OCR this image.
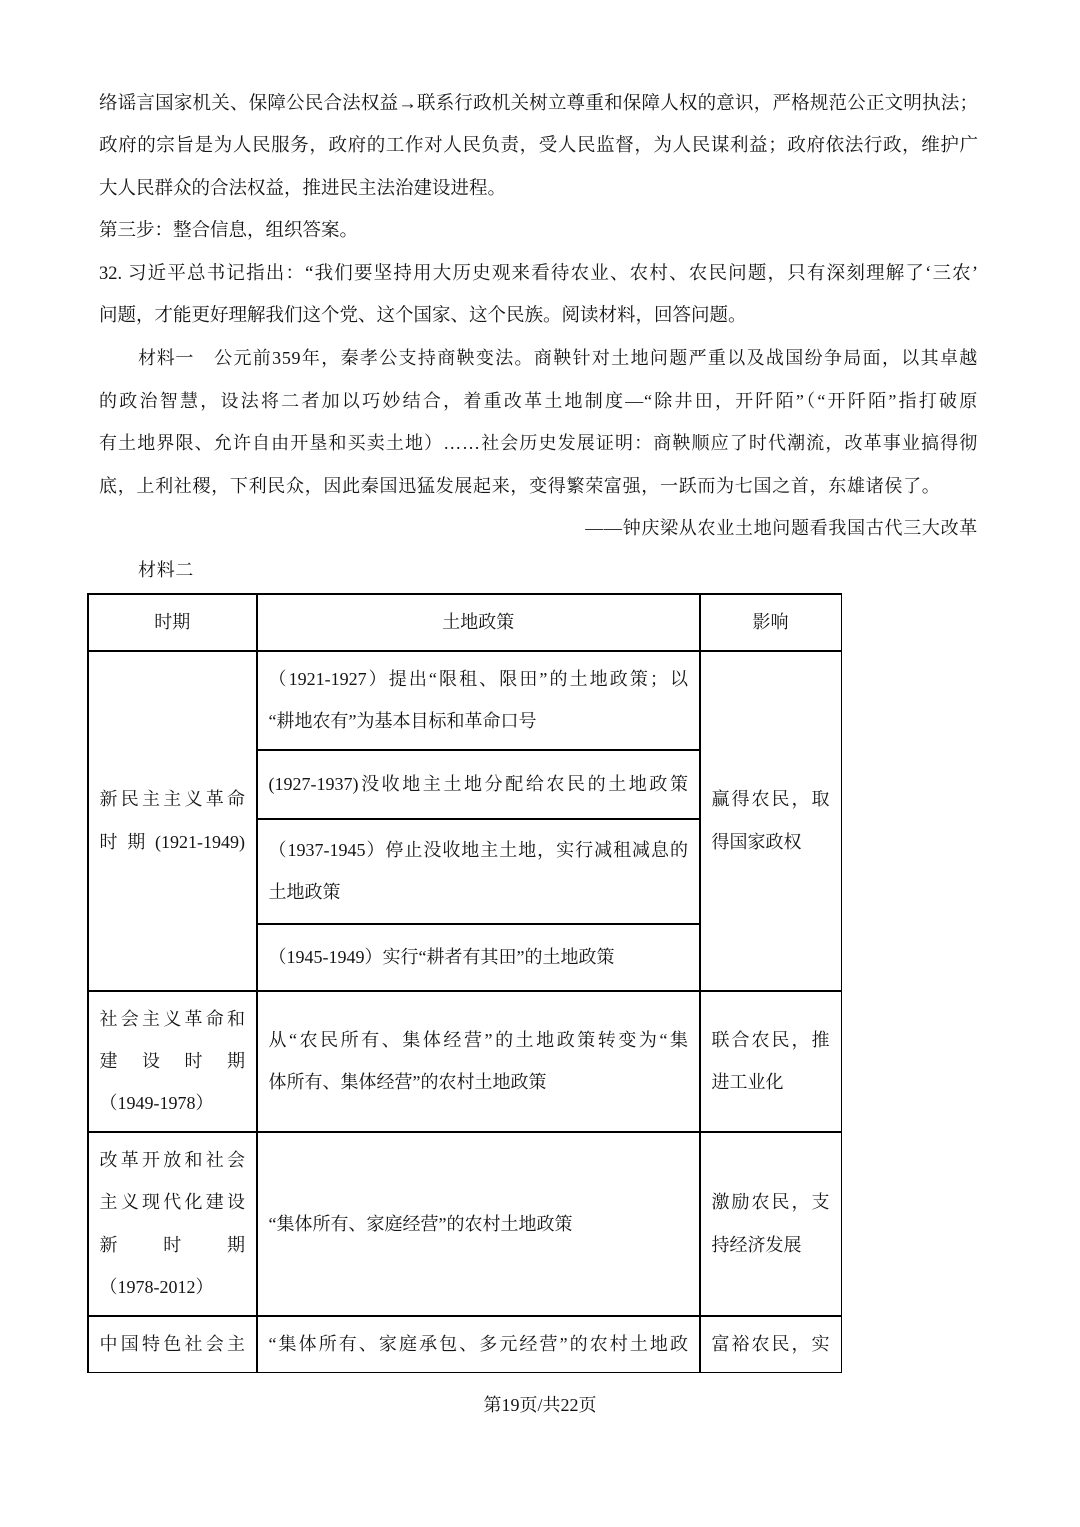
络谣言国家机关、保障公民合法权益→联系行政机关树立尊重和保障人权的意识，严格规范公正文明执法；
政府的宗旨是为人民服务，政府的工作对人民负责，受人民监督，为人民谋利益；政府依法行政，维护广
大人民群众的合法权益，推进民主法治建设进程。
第三步：整合信息，组织答案。
32. 习近平总书记指出：“我们要坚持用大历史观来看待农业、农村、农民问题，只有深刻理解了‘三农’
问题，才能更好理解我们这个党、这个国家、这个民族。阅读材料，回答问题。
材料一 公元前359年，秦孝公支持商鞅变法。商鞅针对土地问题严重以及战国纷争局面，以其卓越
的政治智慧，设法将二者加以巧妙结合，着重改革土地制度—“除井田，开阡陌”（“开阡陌”指打破原
有土地界限、允许自由开垦和买卖土地）……社会历史发展证明：商鞅顺应了时代潮流，改革事业搞得彻
底，上利社稷，下利民众，因此秦国迅猛发展起来，变得繁荣富强，一跃而为七国之首，东雄诸侯了。
——钟庆梁从农业土地问题看我国古代三大改革
材料二
时期	土地政策	影响
新民主主义革命
时期(1921-1949)
（1921-1927）提出“限租、限田”的土地政策；以
“耕地农有”为基本目标和革命口号
(1927-1937)没收地主土地分配给农民的土地政策
（1937-1945）停止没收地主土地，实行减租减息的
土地政策
（1945-1949）实行“耕者有其田”的土地政策
赢得农民，取
得国家政权
社会主义革命和
建设时期
（1949-1978）
从“农民所有、集体经营”的土地政策转变为“集
体所有、集体经营”的农村土地政策
联合农民，推
进工业化
改革开放和社会
主义现代化建设
新时期
（1978-2012）
“集体所有、家庭经营”的农村土地政策
激励农民，支
持经济发展
中国特色社会主 “集体所有、家庭承包、多元经营”的农村土地政 富裕农民，实
第19页/共22页
